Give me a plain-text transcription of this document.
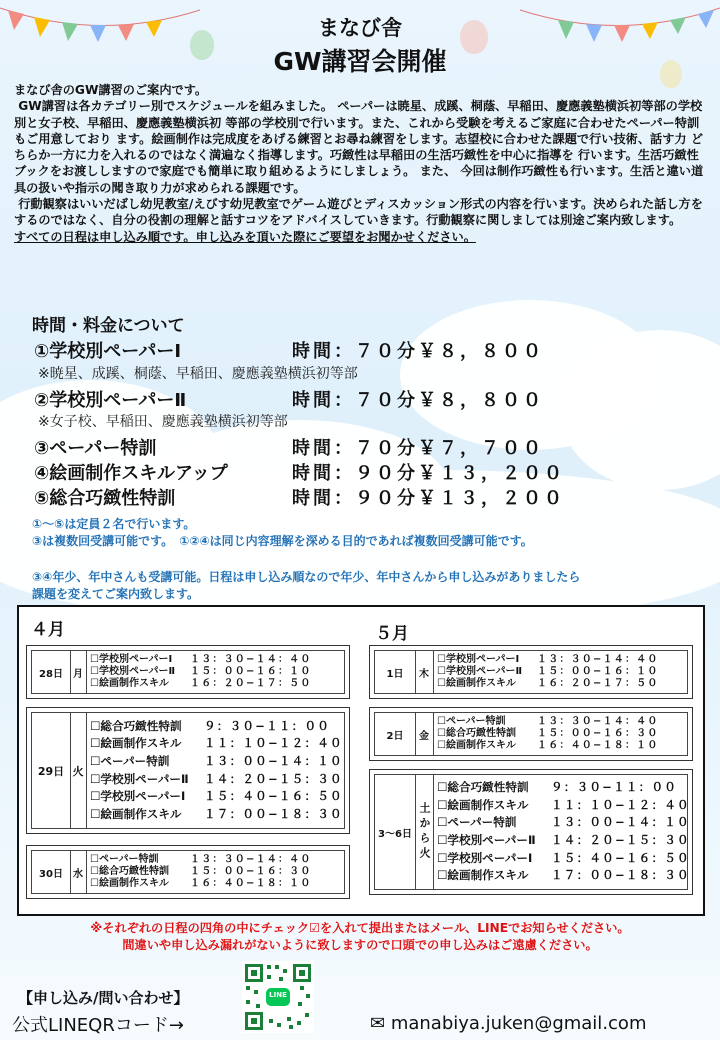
まなび舎
GW講習会開催

まなび舎のGW講習のご案内です。

GW講習は各カテゴリー別でスケジュールを組みました。 ペーパーは暁星、成蹊、桐蔭、早稲田、慶應義塾横浜初等部の学校別と女子校、早稲田、慶應義塾横浜初 等部の学校別で行います。また、これから受験を考えるご家庭に合わせたペーパー特訓もご用意しており ます。絵画制作は完成度をあげる練習とお尋ね練習をします。志望校に合わせた課題で行い技術、話す力 どちらか一方に力を入れるのではなく満遍なく指導します。巧緻性は早稲田の生活巧緻性を中心に指導を 行います。生活巧緻性ブックをお渡ししますので家庭でも簡単に取り組めるようにしましょう。 また、 今回は制作巧緻性も行います。生活と違い道具の扱いや指示の聞き取り力が求められる課題です。

行動観察はいいだばし幼児教室/えびす幼児教室でゲーム遊びとディスカッション形式の内容を行います。決められた話し方を するのではなく、自分の役割の理解と話すコツをアドバイスしていきます。行動観察に関しましては別途ご案内致します。

すべての日程は申し込み順です。申し込みを頂いた際にご要望をお聞かせください。

時間・料金について
①学校別ペーパーⅠ	時間：７０分￥８，８００
※暁星、成蹊、桐蔭、早稲田、慶應義塾横浜初等部
②学校別ペーパーⅡ	時間：７０分￥８，８００
※女子校、早稲田、慶應義塾横浜初等部
③ペーパー特訓	時間：７０分￥７，７００
④絵画制作スキルアップ	時間：９０分￥１３，２００
⑤総合巧緻性特訓	時間：９０分￥１３，２００
①～⑤は定員２名で行います。
③は複数回受講可能です。　①②④は同じ内容理解を深める目的であれば複数回受講可能です。
③④年少、年中さんも受講可能。日程は申し込み順なので年少、年中さんから申し込みがありましたら
課題を変えてご案内致します。
４月	５月
28日	月
☐学校別ペーパーⅠ	１３：３０−１４：４０
☐学校別ペーパーⅡ	１５：００−１６：１０
☐絵画制作スキル	１６：２０−１７：５０
29日 火
☐総合巧緻性特訓	９：３０−１１：００
☐絵画制作スキル	１１：１０−１２：４０
☐ペーパー特訓	１３：００−１４：１０
☐学校別ペーパーⅡ	１４：２０−１５：３０
☐学校別ペーパーⅠ	１５：４０−１６：５０
☐絵画制作スキル	１７：００−１８：３０
30日	水
☐ペーパー特訓	１３：３０−１４：４０
☐総合巧緻性特訓	１５：００−１６：３０
☐絵画制作スキル	１６：４０−１８：１０
1日	木
☐学校別ペーパーⅠ	１３：３０−１４：４０
☐学校別ペーパーⅡ	１５：００−１６：１０
☐絵画制作スキル	１６：２０−１７：５０
2日	金
☐ペーパー特訓	１３：３０−１４：４０
☐総合巧緻性特訓	１５：００−１６：３０
☐絵画制作スキル	１６：４０−１８：１０
3～6日 土から火
☐総合巧緻性特訓	９：３０−１１：００
☐絵画制作スキル	１１：１０−１２：４０
☐ペーパー特訓	１３：００−１４：１０
☐学校別ペーパーⅡ	１４：２０−１５：３０
☐学校別ペーパーⅠ	１５：４０−１６：５０
☐絵画制作スキル	１７：００−１８：３０
※それぞれの日程の四角の中にチェック☑を入れて提出またはメール、LINEでお知らせください。
間違いや申し込み漏れがないように致しますので口頭での申し込みはご遠慮ください。
【申し込み/問い合わせ】
公式LINEQRコード→
LINE
✉ manabiya.juken@gmail.com
